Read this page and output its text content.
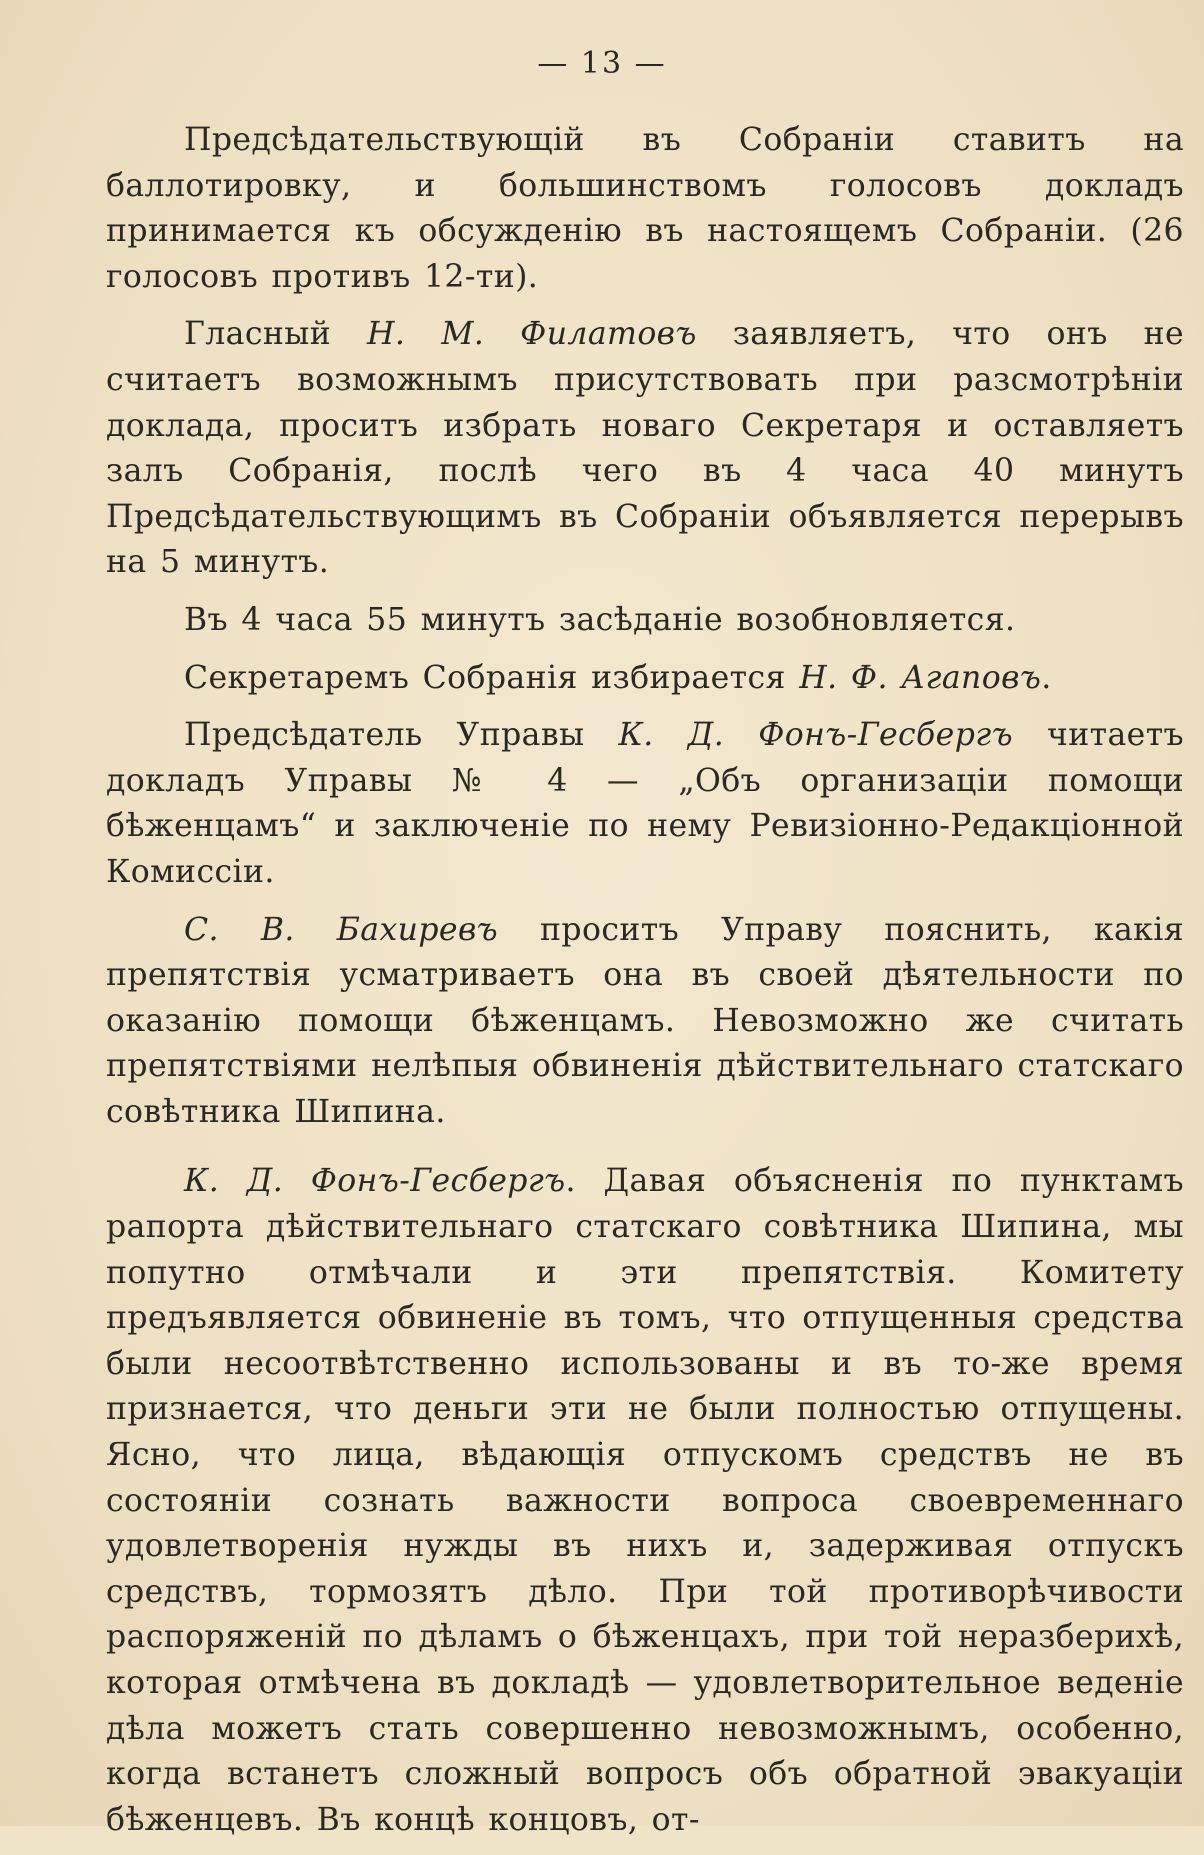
— 13 —

Предсѣдательствующій въ Собраніи ставитъ на баллотировку, и большинствомъ голосовъ докладъ принимается къ обсужденію въ настоящемъ Собраніи. (26 голосовъ противъ 12-ти).

Гласный Н. М. Филатовъ заявляетъ, что онъ не считаетъ возможнымъ присутствовать при разсмотрѣніи доклада, проситъ избрать новаго Секретаря и оставляетъ залъ Собранія, послѣ чего въ 4 часа 40 минутъ Предсѣдательствующимъ въ Собраніи объявляется перерывъ на 5 минутъ.

Въ 4 часа 55 минутъ засѣданіе возобновляется.

Секретаремъ Собранія избирается Н. Ф. Агаповъ.

Предсѣдатель Управы К. Д. Фонъ-Гесбергъ читаетъ докладъ Управы № 4 — „Объ организаціи помощи бѣженцамъ“ и заключеніе по нему Ревизіонно-Редакціонной Комиссіи.

С. В. Бахиревъ проситъ Управу пояснить, какія препятствія усматриваетъ она въ своей дѣятельности по оказанію помощи бѣженцамъ. Невозможно же считать препятствіями нелѣпыя обвиненія дѣйствительнаго статскаго совѣтника Шипина.

К. Д. Фонъ-Гесбергъ. Давая объясненія по пунктамъ рапорта дѣйствительнаго статскаго совѣтника Шипина, мы попутно отмѣчали и эти препятствія. Комитету предъявляется обвиненіе въ томъ, что отпущенныя средства были несоотвѣтственно использованы и въ то-же время признается, что деньги эти не были полностью отпущены. Ясно, что лица, вѣдающія отпускомъ средствъ не въ состояніи сознать важности вопроса своевременнаго удовлетворенія нужды въ нихъ и, задерживая отпускъ средствъ, тормозятъ дѣло. При той противорѣчивости распоряженій по дѣламъ о бѣженцахъ, при той неразберихѣ, которая отмѣчена въ докладѣ — удовлетворительное веденіе дѣла можетъ стать совершенно невозможнымъ, особенно, когда встанетъ сложный вопросъ объ обратной эвакуаціи бѣженцевъ. Въ концѣ концовъ, от-
